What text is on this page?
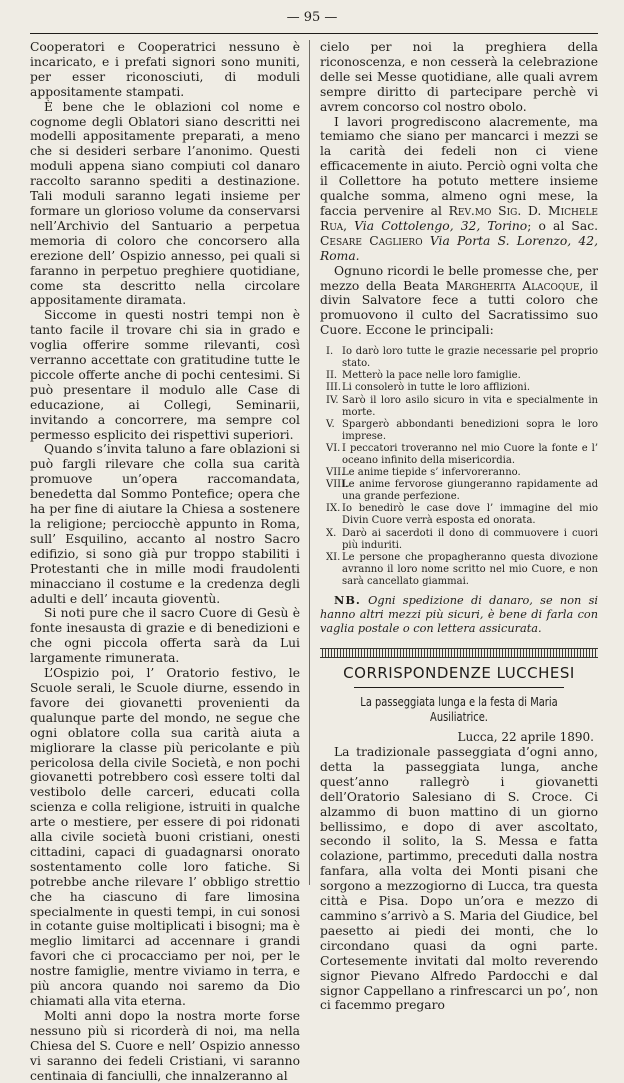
— 95 —

Cooperatori e Cooperatrici nessuno è incaricato, e i prefati signori sono muniti, per esser riconosciuti, di moduli appositamente stampati.

È bene che le oblazioni col nome e cognome degli Oblatori siano descritti nei modelli appositamente preparati, a meno che si desideri serbare l’anonimo. Questi moduli appena siano compiuti col danaro raccolto saranno spediti a destinazione. Tali moduli saranno legati insieme per formare un glorioso volume da conservarsi nell’Archivio del Santuario a perpetua memoria di coloro che concorsero alla erezione dell’ Ospizio annesso, pei quali si faranno in perpetuo preghiere quotidiane, come sta descritto nella circolare appositamente diramata.

Siccome in questi nostri tempi non è tanto facile il trovare chi sia in grado e voglia offerire somme rilevanti, così verranno accettate con gratitudine tutte le piccole offerte anche di pochi centesimi. Si può presentare il modulo alle Case di educazione, ai Collegi, Seminarii, invitando a concorrere, ma sempre col permesso esplicito dei rispettivi superiori.

Quando s’invita taluno a fare oblazioni si può fargli rilevare che colla sua carità promuove un’opera raccomandata, benedetta dal Sommo Pontefice; opera che ha per fine di aiutare la Chiesa a sostenere la religione; perciocchè appunto in Roma, sull’ Esquilino, accanto al nostro Sacro edifizio, si sono già pur troppo stabiliti i Protestanti che in mille modi fraudolenti minacciano il costume e la credenza degli adulti e dell’ incauta gioventù.

Si noti pure che il sacro Cuore di Gesù è fonte inesausta di grazie e di benedizioni e che ogni piccola offerta sarà da Lui largamente rimunerata.

L’Ospizio poi, l’ Oratorio festivo, le Scuole serali, le Scuole diurne, essendo in favore dei giovanetti provenienti da qualunque parte del mondo, ne segue che ogni oblatore colla sua carità aiuta a migliorare la classe più pericolante e più pericolosa della civile Società, e non pochi giovanetti potrebbero così essere tolti dal vestibolo delle carceri, educati colla scienza e colla religione, istruiti in qualche arte o mestiere, per essere di poi ridonati alla civile società buoni cristiani, onesti cittadini, capaci di guadagnarsi onorato sostentamento colle loro fatiche. Si potrebbe anche rilevare l’ obbligo strettio che ha ciascuno di fare limosina specialmente in questi tempi, in cui sonosi in cotante guise moltiplicati i bisogni; ma è meglio limitarci ad accennare i grandi favori che ci procacciamo per noi, per le nostre famiglie, mentre viviamo in terra, e più ancora quando noi saremo da Dio chiamati alla vita eterna.

Molti anni dopo la nostra morte forse nessuno più si ricorderà di noi, ma nella Chiesa del S. Cuore e nell’ Ospizio annesso vi saranno dei fedeli Cristiani, vi saranno centinaia di fanciulli, che innalzeranno al

cielo per noi la preghiera della riconoscenza, e non cesserà la celebrazione delle sei Messe quotidiane, alle quali avrem sempre diritto di partecipare perchè vi avrem concorso col nostro obolo.

I lavori progrediscono alacremente, ma temiamo che siano per mancarci i mezzi se la carità dei fedeli non ci viene efficacemente in aiuto. Perciò ogni volta che il Collettore ha potuto mettere insieme qualche somma, almeno ogni mese, la faccia pervenire al Rev.mo Sig. D. Michele Rua, Via Cottolengo, 32, Torino; o al Sac. Cesare Cagliero Via Porta S. Lorenzo, 42, Roma.

Ognuno ricordi le belle promesse che, per mezzo della Beata Margherita Alacoque, il divin Salvatore fece a tutti coloro che promuovono il culto del Sacratissimo suo Cuore. Eccone le principali:

I. Io darò loro tutte le grazie necessarie pel proprio stato.
II. Metterò la pace nelle loro famiglie.
III.Li consolerò in tutte le loro afflizioni.
IV. Sarò il loro asilo sicuro in vita e specialmente in morte.
V. Spargerò abbondanti benedizioni sopra le loro imprese.
VI. I peccatori troveranno nel mio Cuore la fonte e l’ oceano infinito della misericordia.
VII.Le anime tiepide s’ infervoreranno.
VIII.Le anime fervorose giungeranno rapidamente ad una grande perfezione.
IX. Io benedirò le case dove l’ immagine del mio Divin Cuore verrà esposta ed onorata.
X. Darò ai sacerdoti il dono di commuovere i cuori più induriti.
XI. Le persone che propagheranno questa divozione avranno il loro nome scritto nel mio Cuore, e non sarà cancellato giammai.

NB. Ogni spedizione di danaro, se non si hanno altri mezzi più sicuri, è bene di farla con vaglia postale o con lettera assicurata.

CORRISPONDENZE LUCCHESI
La passeggiata lunga e la festa di Maria Ausiliatrice.
Lucca, 22 aprile 1890.

La tradizionale passeggiata d’ogni anno, detta la passeggiata lunga, anche quest’anno rallegrò i giovanetti dell’Oratorio Salesiano di S. Croce. Ci alzammo di buon mattino di un giorno bellissimo, e dopo di aver ascoltato, secondo il solito, la S. Messa e fatta colazione, partimmo, preceduti dalla nostra fanfara, alla volta dei Monti pisani che sorgono a mezzogiorno di Lucca, tra questa città e Pisa. Dopo un’ora e mezzo di cammino s’arrivò a S. Maria del Giudice, bel paesetto ai piedi dei monti, che lo circondano quasi da ogni parte. Cortesemente invitati dal molto reverendo signor Pievano Alfredo Pardocchi e dal signor Cappellano a rinfrescarci un po’, non ci facemmo pregaro
